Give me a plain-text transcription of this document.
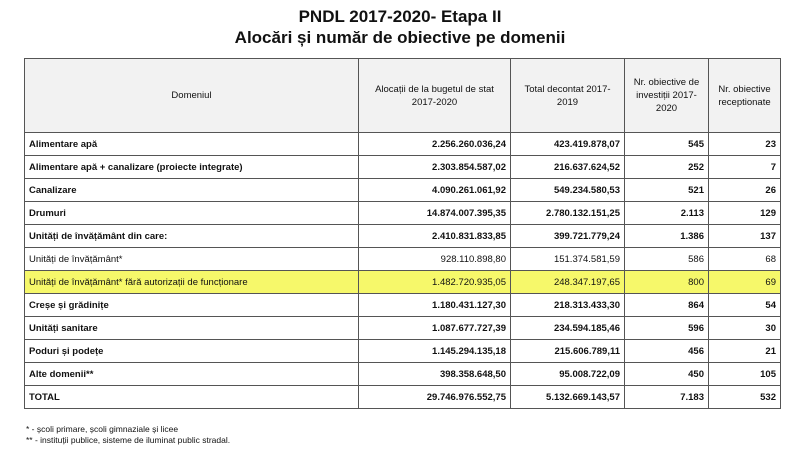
PNDL 2017-2020- Etapa II
Alocări și număr de obiective pe domenii
Domeniul	Alocații de la bugetul de stat 2017-2020	Total decontat 2017-2019	Nr. obiective de investiții 2017-2020	Nr. obiective receptionate
Alimentare apă	2.256.260.036,24	423.419.878,07	545	23
Alimentare apă + canalizare (proiecte integrate)	2.303.854.587,02	216.637.624,52	252	7
Canalizare	4.090.261.061,92	549.234.580,53	521	26
Drumuri	14.874.007.395,35	2.780.132.151,25	2.113	129
Unități de învățământ din care:	2.410.831.833,85	399.721.779,24	1.386	137
Unități de învățământ*	928.110.898,80	151.374.581,59	586	68
Unități de învățământ* fără autorizații de funcționare	1.482.720.935,05	248.347.197,65	800	69
Creșe și grădinițe	1.180.431.127,30	218.313.433,30	864	54
Unități sanitare	1.087.677.727,39	234.594.185,46	596	30
Poduri și podețe	1.145.294.135,18	215.606.789,11	456	21
Alte domenii**	398.358.648,50	95.008.722,09	450	105
TOTAL	29.746.976.552,75	5.132.669.143,57	7.183	532
* - școli primare, școli gimnaziale și licee
** - instituții publice, sisteme de iluminat public stradal.
